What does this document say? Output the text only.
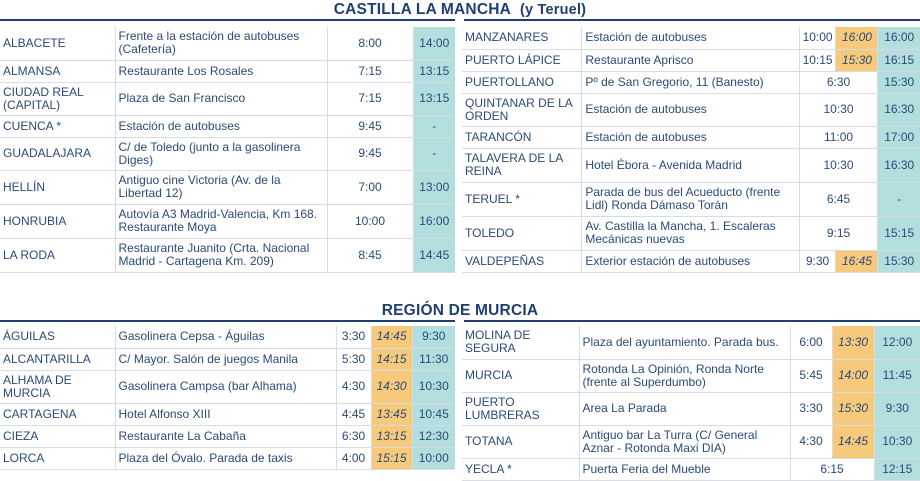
CASTILLA LA MANCHA (y Teruel)
ALBACETE	Frente a la estación de autobuses (Cafetería)	8:00	14:00
ALMANSA	Restaurante Los Rosales	7:15	13:15
CIUDAD REAL (CAPITAL)	Plaza de San Francisco	7:15	13:15
CUENCA *	Estación de autobuses	9:45	-
GUADALAJARA	C/ de Toledo (junto a la gasolinera Diges)	9:45	-
HELLÍN	Antiguo cine Victoria (Av. de la Libertad 12)	7:00	13:00
HONRUBIA	Autovía A3 Madrid-Valencia, Km 168. Restaurante Moya	10:00	16:00
LA RODA	Restaurante Juanito (Crta. Nacional Madrid - Cartagena Km. 209)	8:45	14:45
MANZANARES	Estación de autobuses	10:00	16:00	16:00
PUERTO LÁPICE	Restaurante Aprisco	10:15	15:30	16:15
PUERTOLLANO	Pº de San Gregorio, 11 (Banesto)	6:30		15:30
QUINTANAR DE LA ORDEN	Estación de autobuses	10:30		16:30
TARANCÓN	Estación de autobuses	11:00		17:00
TALAVERA DE LA REINA	Hotel Ébora - Avenida Madrid	10:30		16:30
TERUEL *	Parada de bus del Acueducto (frente Lidl) Ronda Dámaso Torán	6:45		-
TOLEDO	Av. Castilla la Mancha, 1. Escaleras Mecánicas nuevas	9:15		15:15
VALDEPEÑAS	Exterior estación de autobuses	9:30	16:45	15:30
REGIÓN DE MURCIA
ÁGUILAS	Gasolinera Cepsa - Águilas	3:30	14:45	9:30
ALCANTARILLA	C/ Mayor. Salón de juegos Manila	5:30	14:15	11:30
ALHAMA DE MURCIA	Gasolinera Campsa (bar Alhama)	4:30	14:30	10:30
CARTAGENA	Hotel Alfonso XIII	4:45	13:45	10:45
CIEZA	Restaurante La Cabaña	6:30	13:15	12:30
LORCA	Plaza del Óvalo. Parada de taxis	4:00	15:15	10:00
MOLINA DE SEGURA	Plaza del ayuntamiento. Parada bus.	6:00	13:30	12:00
MURCIA	Rotonda La Opinión, Ronda Norte (frente al Superdumbo)	5:45	14:00	11:45
PUERTO LUMBRERAS	Area La Parada	3:30	15:30	9:30
TOTANA	Antiguo bar La Turra (C/ General Aznar - Rotonda Maxi DIA)	4:30	14:45	10:30
YECLA *	Puerta Feria del Mueble	6:15		12:15
